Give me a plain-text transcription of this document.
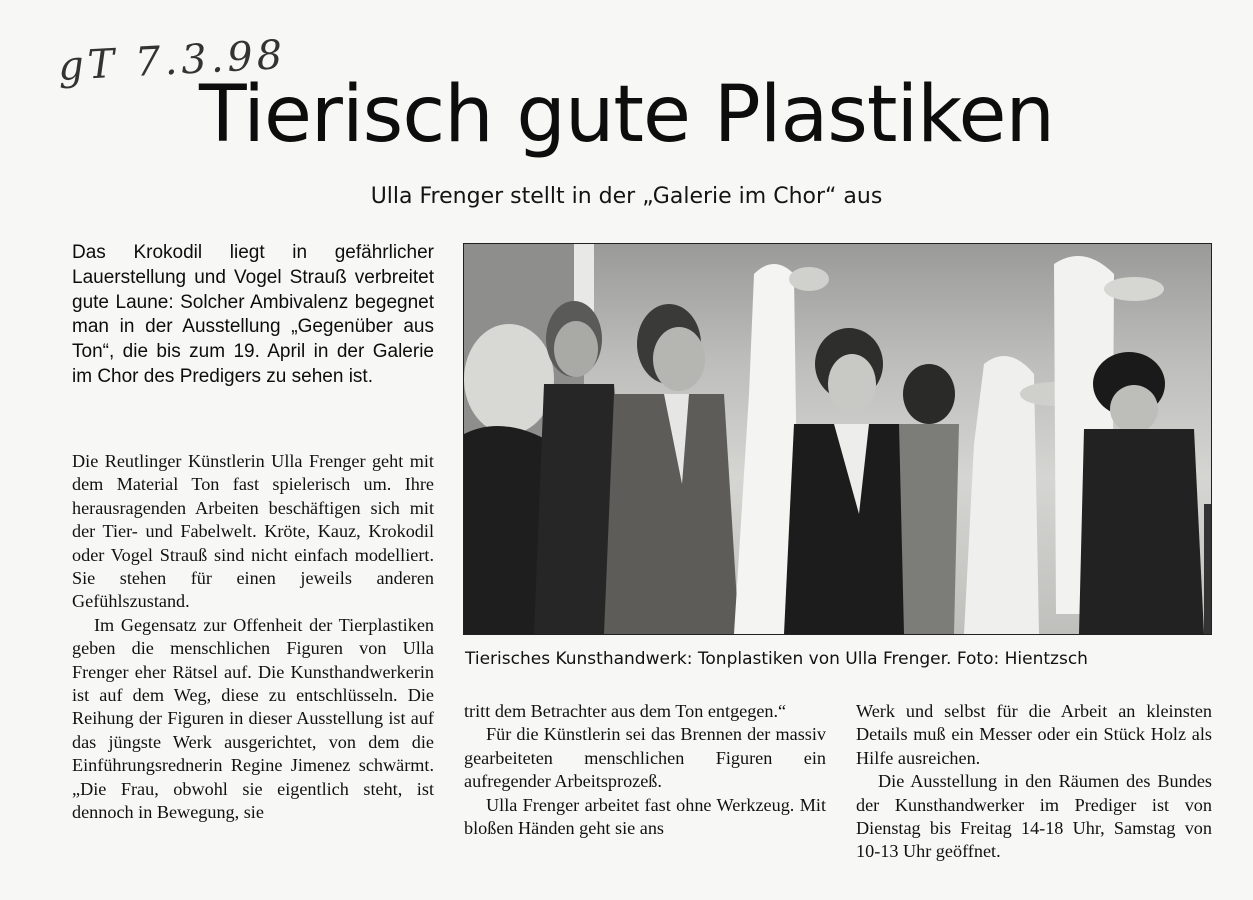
gT 7.3.98
Tierisch gute Plastiken
Ulla Frenger stellt in der „Galerie im Chor“ aus
Das Krokodil liegt in gefährlicher Lauerstellung und Vogel Strauß verbreitet gute Laune: Solcher Ambivalenz begegnet man in der Ausstellung „Gegenüber aus Ton“, die bis zum 19. April in der Galerie im Chor des Predigers zu sehen ist.

Die Reutlinger Künstlerin Ulla Frenger geht mit dem Material Ton fast spielerisch um. Ihre herausragenden Arbeiten beschäftigen sich mit der Tier- und Fabelwelt. Kröte, Kauz, Krokodil oder Vogel Strauß sind nicht einfach modelliert. Sie stehen für einen jeweils anderen Gefühlszustand.

Im Gegensatz zur Offenheit der Tierplastiken geben die menschlichen Figuren von Ulla Frenger eher Rätsel auf. Die Kunsthandwerkerin ist auf dem Weg, diese zu entschlüsseln. Die Reihung der Figuren in dieser Ausstellung ist auf das jüngste Werk ausgerichtet, von dem die Einführungsrednerin Regine Jimenez schwärmt. „Die Frau, obwohl sie eigentlich steht, ist dennoch in Bewegung, sie

Tierisches Kunsthandwerk: Tonplastiken von Ulla Frenger. Foto: Hientzsch

tritt dem Betrachter aus dem Ton entgegen.“

Für die Künstlerin sei das Brennen der massiv gearbeiteten menschlichen Figuren ein aufregender Arbeitsprozeß.

Ulla Frenger arbeitet fast ohne Werkzeug. Mit bloßen Händen geht sie ans

Werk und selbst für die Arbeit an kleinsten Details muß ein Messer oder ein Stück Holz als Hilfe ausreichen.

Die Ausstellung in den Räumen des Bundes der Kunsthandwerker im Prediger ist von Dienstag bis Freitag 14-18 Uhr, Samstag von 10-13 Uhr geöffnet.
